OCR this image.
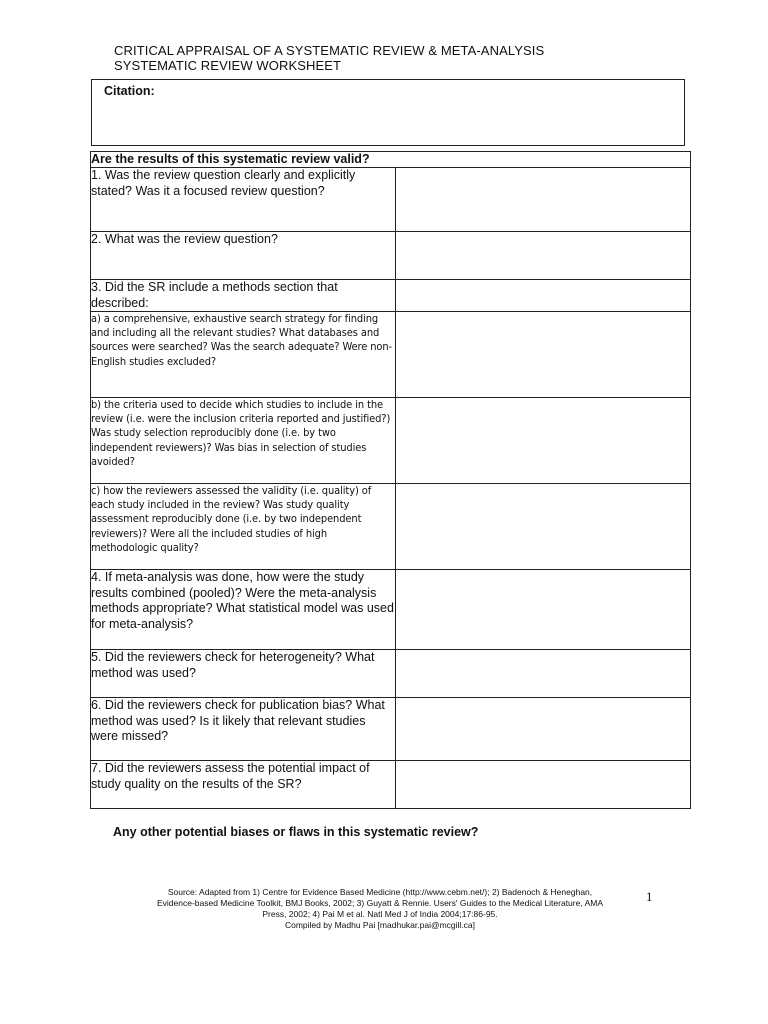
CRITICAL APPRAISAL OF A SYSTEMATIC REVIEW & META-ANALYSIS
SYSTEMATIC REVIEW WORKSHEET
Citation:
Are the results of this systematic review valid?	
1. Was the review question clearly and explicitly stated? Was it a focused review question?	
2. What was the review question?	
3. Did the SR include a methods section that described:	
a) a comprehensive, exhaustive search strategy for finding and including all the relevant studies? What databases and sources were searched? Was the search adequate? Were non-English studies excluded?	
b) the criteria used to decide which studies to include in the review (i.e. were the inclusion criteria reported and justified?) Was study selection reproducibly done (i.e. by two independent reviewers)? Was bias in selection of studies avoided?	
c) how the reviewers assessed the validity (i.e. quality) of each study included in the review? Was study quality assessment reproducibly done (i.e. by two independent reviewers)? Were all the included studies of high methodologic quality?	
4. If meta-analysis was done, how were the study results combined (pooled)? Were the meta-analysis methods appropriate? What statistical model was used for meta-analysis?	
5. Did the reviewers check for heterogeneity? What method was used?	
6. Did the reviewers check for publication bias? What method was used? Is it likely that relevant studies were missed?	
7. Did the reviewers assess the potential impact of study quality on the results of the SR?	
Any other potential biases or flaws in this systematic review?
Source: Adapted from 1) Centre for Evidence Based Medicine (http://www.cebm.net/); 2) Badenoch & Heneghan,
Evidence-based Medicine Toolkit, BMJ Books, 2002; 3) Guyatt & Rennie. Users' Guides to the Medical Literature, AMA
Press, 2002; 4) Pai M et al. Natl Med J of India 2004;17:86-95.
Compiled by Madhu Pai [madhukar.pai@mcgill.ca]
1
